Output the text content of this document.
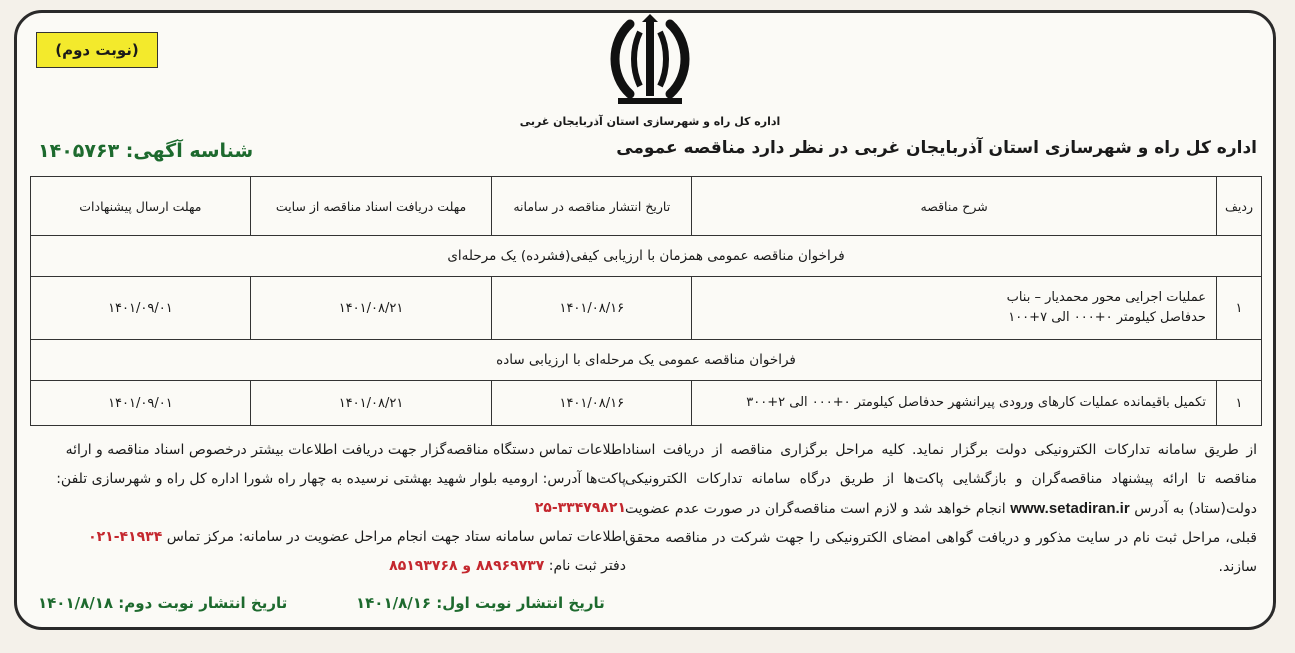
(نوبت دوم)
اداره کل راه و شهرسازی استان آذربایجان غربی
اداره کل راه و شهرسازی استان آذربایجان غربی در نظر دارد مناقصه عمومی
شناسه آگهی: ۱۴۰۵۷۶۳
ردیف	شرح مناقصه	تاریخ انتشار مناقصه در سامانه	مهلت دریافت اسناد مناقصه از سایت	مهلت ارسال پیشنهادات
فراخوان مناقصه عمومی همزمان با ارزیابی کیفی(فشرده) یک مرحله‌ای				
۱	عملیات اجرایی محور محمدیار – بناب
حدفاصل کیلومتر ۰+۰۰۰ الی ۷+۱۰۰	۱۴۰۱/۰۸/۱۶	۱۴۰۱/۰۸/۲۱	۱۴۰۱/۰۹/۰۱
فراخوان مناقصه عمومی یک مرحله‌ای با ارزیابی ساده				
۱	تکمیل باقیمانده عملیات کارهای ورودی پیرانشهر حدفاصل کیلومتر ۰+۰۰۰ الی ۲+۳۰۰	۱۴۰۱/۰۸/۱۶	۱۴۰۱/۰۸/۲۱	۱۴۰۱/۰۹/۰۱
از طریق سامانه تدارکات الکترونیکی دولت برگزار نماید. کلیه مراحل برگزاری مناقصه از دریافت اسناد مناقصه تا ارائه پیشنهاد مناقصه‌گران و بازگشایی پاکت‌ها از طریق درگاه سامانه تدارکات الکترونیکی دولت(ستاد) به آدرس www.setadiran.ir انجام خواهد شد و لازم است مناقصه‌گران در صورت عدم عضویت قبلی، مراحل ثبت نام در سایت مذکور و دریافت گواهی امضای الکترونیکی را جهت شرکت در مناقصه محقق سازند.
اطلاعات تماس دستگاه مناقصه‌گزار جهت دریافت اطلاعات بیشتر درخصوص اسناد مناقصه و ارائه پاکت‌ها آدرس: ارومیه بلوار شهید بهشتی نرسیده به چهار راه شورا اداره کل راه و شهرسازی تلفن: ۳۳۴۷۹۸۲۱-۲۵
اطلاعات تماس سامانه ستاد جهت انجام مراحل عضویت در سامانه: مرکز تماس ۴۱۹۳۴-۰۲۱
دفتر ثبت نام: ۸۸۹۶۹۷۳۷ و ۸۵۱۹۳۷۶۸
تاریخ انتشار نوبت اول: ۱۴۰۱/۸/۱۶
تاریخ انتشار نوبت دوم: ۱۴۰۱/۸/۱۸
